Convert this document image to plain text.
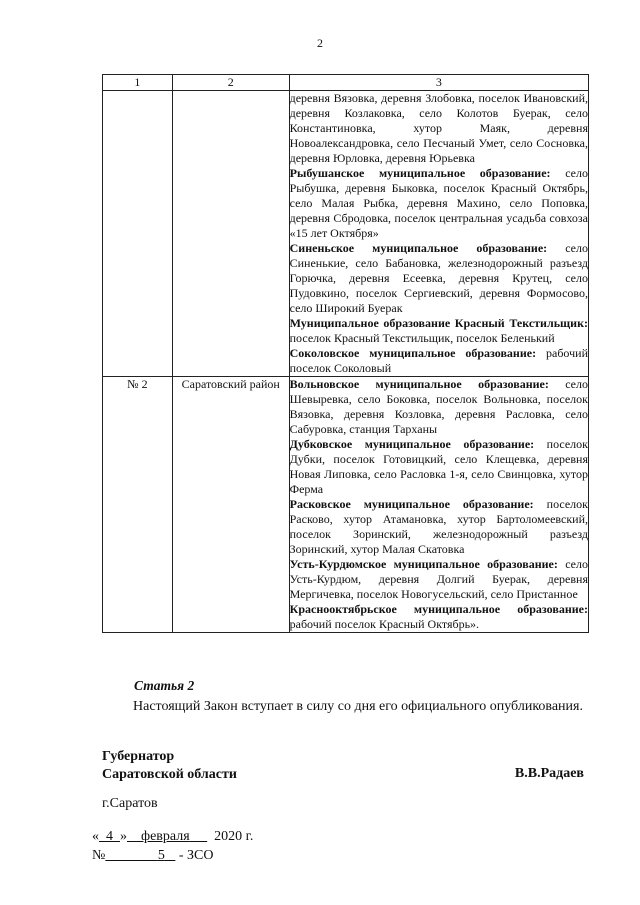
2
1	2	3

		деревня Вязовка, деревня Злобовка, поселок Ивановский, деревня Козлаковка, село Колотов Буерак, село Константиновка, хутор Маяк, деревня Новоалександровка, село Песчаный Умет, село Сосновка, деревня Юрловка, деревня Юрьевка

Рыбушанское муниципальное образование: село Рыбушка, деревня Быковка, поселок Красный Октябрь, село Малая Рыбка, деревня Махино, село Поповка, деревня Сбродовка, поселок центральная усадьба совхоза «15 лет Октября»

Синеньское муниципальное образование: село Синенькие, село Бабановка, железнодорожный разъезд Горючка, деревня Есеевка, деревня Крутец, село Пудовкино, поселок Сергиевский, деревня Формосово, село Широкий Буерак

Муниципальное образование Красный Текстильщик: поселок Красный Текстильщик, поселок Беленький

Соколовское муниципальное образование: рабочий поселок Соколовый

№ 2	Саратовский район	Вольновское муниципальное образование: село Шевыревка, село Боковка, поселок Вольновка, поселок Вязовка, деревня Козловка, деревня Расловка, село Сабуровка, станция Тарханы

Дубковское муниципальное образование: поселок Дубки, поселок Готовицкий, село Клещевка, деревня Новая Липовка, село Расловка 1-я, село Свинцовка, хутор Ферма

Расковское муниципальное образование: поселок Расково, хутор Атамановка, хутор Бартоломеевский, поселок Зоринский, железнодорожный разъезд Зоринский, хутор Малая Скатовка

Усть-Курдюмское муниципальное образование: село Усть-Курдюм, деревня Долгий Буерак, деревня Мергичевка, поселок Новогусельский, село Пристанное

Краснооктябрьское муниципальное образование: рабочий поселок Красный Октябрь».

Статья 2
Настоящий Закон вступает в силу со дня его официального опубликования.
Губернатор
Саратовской области	В.В.Радаев
г.Саратов
« 4 » февраля 2020 г.
№	5 - ЗСО
